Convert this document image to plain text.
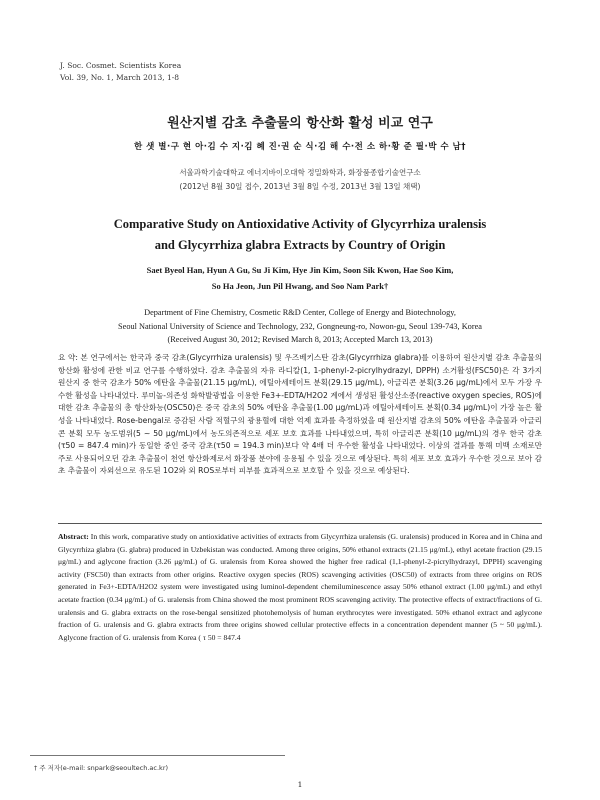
J. Soc. Cosmet. Scientists Korea
Vol. 39, No. 1, March 2013, 1-8
원산지별 감초 추출물의 항산화 활성 비교 연구
한 샛 별·구 현 아·김 수 지·김 혜 진·권 순 식·김 해 수·전 소 하·황 준 필·박 수 남†
서울과학기술대학교 에너지바이오대학 정밀화학과, 화장품종합기술연구소
(2012년 8월 30일 접수, 2013년 3월 8일 수정, 2013년 3월 13일 채택)
Comparative Study on Antioxidative Activity of Glycyrrhiza uralensis
and Glycyrrhiza glabra Extracts by Country of Origin
Saet Byeol Han, Hyun A Gu, Su Ji Kim, Hye Jin Kim, Soon Sik Kwon, Hae Soo Kim,
So Ha Jeon, Jun Pil Hwang, and Soo Nam Park†
Department of Fine Chemistry, Cosmetic R&D Center, College of Energy and Biotechnology,
Seoul National University of Science and Technology, 232, Gongneung-ro, Nowon-gu, Seoul 139-743, Korea
(Received August 30, 2012; Revised March 8, 2013; Accepted March 13, 2013)
요 약: 본 연구에서는 한국과 중국 감초(Glycyrrhiza uralensis) 및 우즈베키스탄 감초(Glycyrrhiza glabra)를 이용하여 원산지별 감초 추출물의 항산화 활성에 관한 비교 연구를 수행하였다. 감초 추출물의 자유 라디칼(1, 1-phenyl-2-picrylhydrazyl, DPPH) 소거활성(FSC50)은 각 3가지 원산지 중 한국 감초가 50% 에탄올 추출물(21.15 μg/mL), 에틸아세테이트 분획(29.15 μg/mL), 아글리콘 분획(3.26 μg/mL)에서 모두 가장 우수한 활성을 나타내었다. 루미놀-의존성 화학발광법을 이용한 Fe3+-EDTA/H2O2 계에서 생성된 활성산소종(reactive oxygen species, ROS)에 대한 감초 추출물의 총 항산화능(OSC50)은 중국 감초의 50% 에탄올 추출물(1.00 μg/mL)과 에틸아세테이트 분획(0.34 μg/mL)이 가장 높은 활성을 나타내었다. Rose-bengal로 증감된 사람 적혈구의 광용혈에 대한 억제 효과를 측정하였을 때 원산지별 감초의 50% 에탄올 추출물과 아글리콘 분획 모두 농도범위(5 ~ 50 μg/mL)에서 농도의존적으로 세포 보호 효과를 나타내었으며, 특히 아글리콘 분획(10 μg/mL)의 경우 한국 감초(τ50 = 847.4 min)가 동일한 중인 중국 감초(τ50 = 194.3 min)보다 약 4배 더 우수한 활성을 나타내었다. 이상의 결과를 통해 미백 소재로만 주로 사용되어오던 감초 추출물이 천연 항산화제로서 화장품 분야에 응용될 수 있을 것으로 예상된다. 특히 세포 보호 효과가 우수한 것으로 보아 감초 추출물이 자외선으로 유도된 1O2와 외 ROS로부터 피부를 효과적으로 보호할 수 있을 것으로 예상된다.
Abstract: In this work, comparative study on antioxidative activities of extracts from Glycyrrhiza uralensis (G. uralensis) produced in Korea and in China and Glycyrrhiza glabra (G. glabra) produced in Uzbekistan was conducted. Among three origins, 50% ethanol extracts (21.15 μg/mL), ethyl acetate fraction (29.15 μg/mL) and aglycone fraction (3.26 μg/mL) of G. uralensis from Korea showed the higher free radical (1,1-phenyl-2-picrylhydrazyl, DPPH) scavenging activity (FSC50) than extracts from other origins. Reactive oxygen species (ROS) scavenging activities (OSC50) of extracts from three origins on ROS generated in Fe3+-EDTA/H2O2 system were investigated using luminol-dependent chemiluminescence assay 50% ethanol extract (1.00 μg/mL) and ethyl acetate fraction (0.34 μg/mL) of G. uralensis from China showed the most prominent ROS scavenging activity. The protective effects of extract/fractions of G. uralensis and G. glabra extracts on the rose-bengal sensitized photohemolysis of human erythrocytes were investigated. 50% ethanol extract and aglycone fraction of G. uralensis and G. glabra extracts from three origins showed cellular protective effects in a concentration dependent manner (5 ~ 50 μg/mL). Aglycone fraction of G. uralensis from Korea ( τ 50 = 847.4
† 주 저자(e-mail: snpark@seoultech.ac.kr)
1
